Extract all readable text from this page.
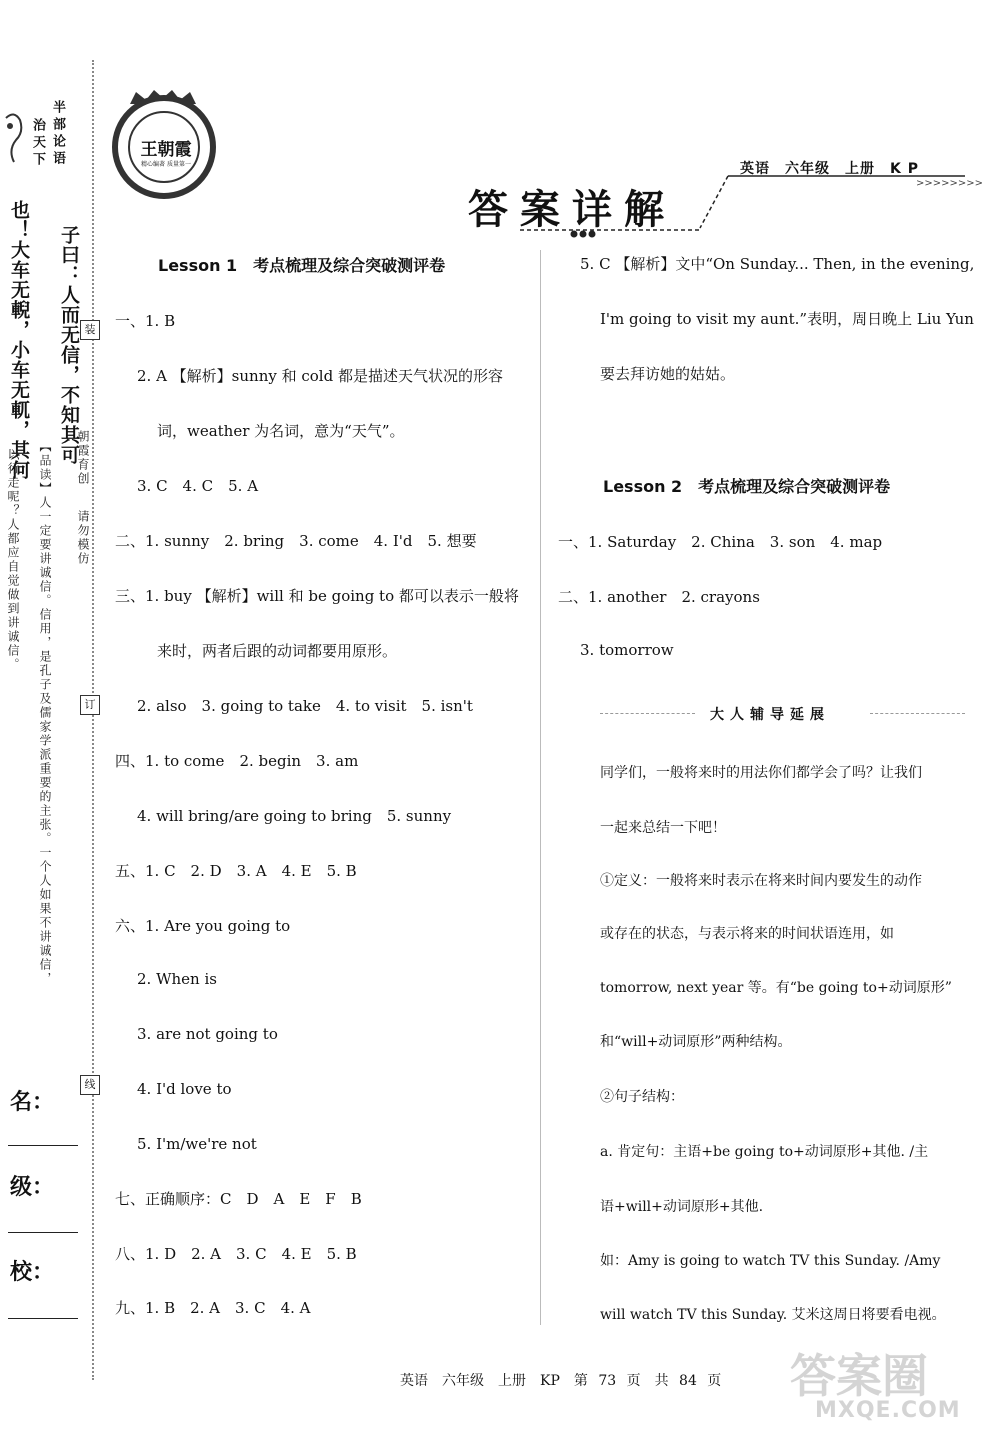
半部论语
治天下
子曰：人而无信，不知其可
也！大车无輗，小车无軏，其何	朝霞育创
请勿模仿
【品读】人一定要讲诚信。信用，是孔子及儒家学派重要的主张。一个人如果不讲诚信，
以行走呢？人都应自觉做到讲诚信。
装
订
线
名：
级：
校：
王朝霞
精心编著 质量第一	英语　六年级　上册　K P
>>>>>>>>
答案详解
Lesson 1　考点梳理及综合突破测评卷
一、1. B
2. A 【解析】sunny 和 cold 都是描述天气状况的形容
词，weather 为名词，意为“天气”。
3. C　4. C　5. A
二、1. sunny　2. bring　3. come　4. I'd　5. 想要
三、1. buy 【解析】will 和 be going to 都可以表示一般将
来时，两者后跟的动词都要用原形。
2. also　3. going to take　4. to visit　5. isn't
四、1. to come　2. begin　3. am
4. will bring/are going to bring　5. sunny
五、1. C　2. D　3. A　4. E　5. B
六、1. Are you going to
2. When is
3. are not going to
4. I'd love to
5. I'm/we're not
七、正确顺序：C　D　A　E　F　B
八、1. D　2. A　3. C　4. E　5. B
九、1. B　2. A　3. C　4. A
5. C 【解析】文中“On Sunday... Then, in the evening,
I'm going to visit my aunt.”表明，周日晚上 Liu Yun
要去拜访她的姑姑。
Lesson 2　考点梳理及综合突破测评卷
一、1. Saturday　2. China　3. son　4. map
二、1. another　2. crayons
3. tomorrow
大人辅导延展
同学们，一般将来时的用法你们都学会了吗？让我们
一起来总结一下吧！
①定义：一般将来时表示在将来时间内要发生的动作
或存在的状态，与表示将来的时间状语连用，如
tomorrow, next year 等。有“be going to+动词原形”
和“will+动词原形”两种结构。
②句子结构：
a. 肯定句：主语+be going to+动词原形+其他. /主
语+will+动词原形+其他.
如：Amy is going to watch TV this Sunday. /Amy
will watch TV this Sunday. 艾米这周日将要看电视。
英语　六年级　上册　KP　第 73 页　共 84 页 答案圈
MXQE.COM
